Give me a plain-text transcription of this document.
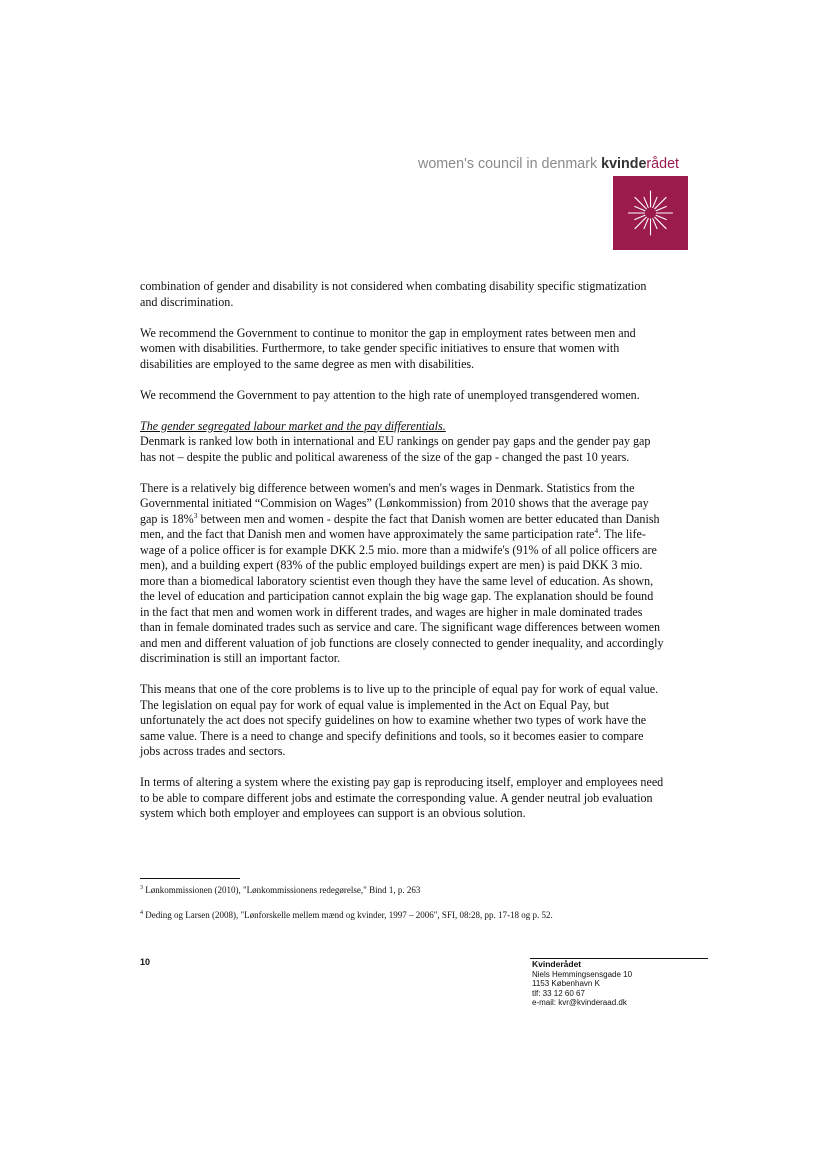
women's council in denmark kvinderådet

combination of gender and disability is not considered when combating disability specific stigmatization and discrimination.

We recommend the Government to continue to monitor the gap in employment rates between men and women with disabilities. Furthermore, to take gender specific initiatives to ensure that women with disabilities are employed to the same degree as men with disabilities.

We recommend the Government to pay attention to the high rate of unemployed transgendered women.

The gender segregated labour market and the pay differentials.
Denmark is ranked low both in international and EU rankings on gender pay gaps and the gender pay gap has not – despite the public and political awareness of the size of the gap - changed the past 10 years.

There is a relatively big difference between women's and men's wages in Denmark. Statistics from the Governmental initiated “Commision on Wages” (Lønkommission) from 2010 shows that the average pay gap is 18%$^3$ between men and women - despite the fact that Danish women are better educated than Danish men, and the fact that Danish men and women have approximately the same participation rate$^4$. The life-wage of a police officer is for example DKK 2.5 mio. more than a midwife's (91% of all police officers are men), and a building expert (83% of the public employed buildings expert are men) is paid DKK 3 mio. more than a biomedical laboratory scientist even though they have the same level of education. As shown, the level of education and participation cannot explain the big wage gap. The explanation should be found in the fact that men and women work in different trades, and wages are higher in male dominated trades than in female dominated trades such as service and care. The significant wage differences between women and men and different valuation of job functions are closely connected to gender inequality, and accordingly discrimination is still an important factor.

This means that one of the core problems is to live up to the principle of equal pay for work of equal value. The legislation on equal pay for work of equal value is implemented in the Act on Equal Pay, but unfortunately the act does not specify guidelines on how to examine whether two types of work have the same value. There is a need to change and specify definitions and tools, so it becomes easier to compare jobs across trades and sectors.

In terms of altering a system where the existing pay gap is reproducing itself, employer and employees need to be able to compare different jobs and estimate the corresponding value. A gender neutral job evaluation system which both employer and employees can support is an obvious solution.

$^3$ Lønkommissionen (2010), "Lønkommissionens redegørelse," Bind 1, p. 263
$^4$ Deding og Larsen (2008), "Lønforskelle mellem mænd og kvinder, 1997 – 2006", SFI, 08:28, pp. 17-18 og p. 52.
10	Kvinderådet
Niels Hemmingsensgade 10
1153 København K
tlf: 33 12 60 67
e-mail: kvr@kvinderaad.dk
